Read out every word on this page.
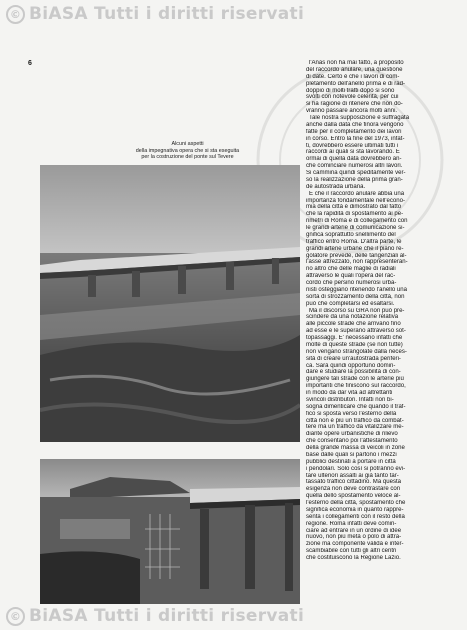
© BiASA Tutti i diritti riservati
6
Alcuni aspetti
della impegnativa opera che si sta eseguita
per la costruzione del ponte sul Tevere
l'Anas non ha mai fatto, a proposito
del raccordo anulare, una questione
di date. Certo è che i lavori di com-
pletamento dell'anello prima e di rad-
doppio di molti tratti dopo si sono
svolti con notevole celerità, per cui
si ha ragione di ritenere che non do-
vranno passare ancora molti anni.
Tale nostra supposizione è suffragata
anche dalla data che finora vengono
fatte per il completamento dei lavori
in corso. Entro la fine del 1973, infat-
ti, dovrebbero essere ultimati tutti i
raccordi ai quali si sta lavorando. E
ormai di quella data dovrebbero an-
che cominciare numerosi altri lavori.
Si cammina quindi speditamente ver-
so la realizzazione della prima gran-
de autostrada urbana.
E che il raccordo anulare abbia una
importanza fondamentale nell'econo-
mia della città è dimostrato dal fatto
che la rapidità di spostamento ai pe-
rimetri di Roma e di collegamento con
le grandi arterie di comunicazione si-
gnifica soprattutto snellimento del
traffico entro Roma. D'altra parte, le
grandi arterie urbane che il piano re-
golatore prevede, delle tangenziali al-
l'asse attrezzato, non rappresenteran-
no altro che delle maglie di radiali
attraverso le quali l'opera del rac-
cordo che persino numerosi urba-
nisti osteggiano ritenendo l'anello una
sorta di strozzamento della città, non
può che completarsi ed esaltarsi.
Ma il discorso su GRA non può pre-
scindere da una notazione relativa
alle piccole strade che arrivano fino
ad esse e le superano attraverso sot-
topassaggi. E' necessario infatti che
molte di queste strade (se non tutte)
non vengano strangolate dalla neces-
sità di creare un'autostrada periferi-
ca. Sarà quindi opportuno domin-
dare e studiare la possibilità di con-
giungere tali strade con le arterie più
importanti che finiscono sul raccordo,
in modo da dar vita ad altrettanti
svincoli distributori. Infatti non bi-
sogna dimenticare che quando il traf-
fico si sposta verso l'esterno della
città non è più un traffico da combat-
tere ma un traffico da vitalizzare me-
diante opere urbanistiche di rilievo
che consentano poi l'attestamento
della grande massa di veicoli in zone
base dalle quali si partono i mezzi
pubblici destinati a portare in città
i pendolari. Solo così si potranno evi-
tare ulteriori assalti ai già tanto tar-
tassato traffico cittadino. Ma questa
esigenza non deve contrastare con
quella dello spostamento veloce al-
l'esterno della città, spostamento che
significa economia in quanto rappre-
senta i collegamenti con il resto della
regione. Roma infatti deve comin-
ciare ad entrare in un ordine di idee
nuovo, non più metà o polo di attra-
zione ma componente valida e inter-
scambiabile con tutti gli altri centri
che costituiscono la Regione Lazio.
© BiASA Tutti i diritti riservati
